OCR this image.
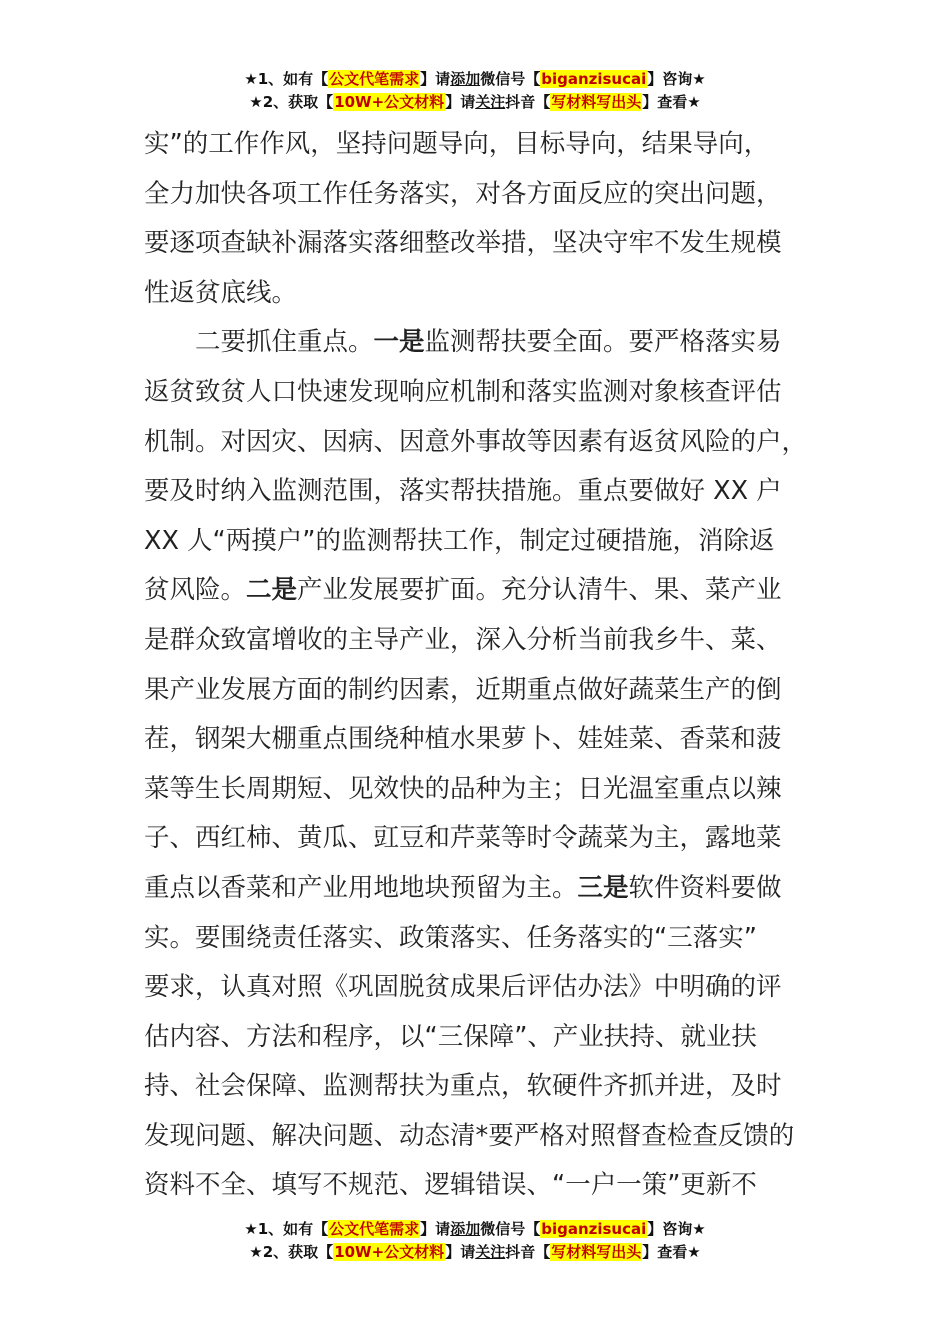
★1、如有【公文代笔需求】请添加微信号【biganzisucai】咨询★
★2、获取【10W+公文材料】请关注抖音【写材料写出头】查看★

实”的工作作风，坚持问题导向，目标导向，结果导向，
全力加快各项工作任务落实，对各方面反应的突出问题，
要逐项查缺补漏落实落细整改举措，坚决守牢不发生规模
性返贫底线。

二要抓住重点。一是监测帮扶要全面。要严格落实易
返贫致贫人口快速发现响应机制和落实监测对象核查评估
机制。对因灾、因病、因意外事故等因素有返贫风险的户，
要及时纳入监测范围，落实帮扶措施。重点要做好 XX 户
XX 人“两摸户”的监测帮扶工作，制定过硬措施，消除返
贫风险。二是产业发展要扩面。充分认清牛、果、菜产业
是群众致富增收的主导产业，深入分析当前我乡牛、菜、
果产业发展方面的制约因素，近期重点做好蔬菜生产的倒
茬，钢架大棚重点围绕种植水果萝卜、娃娃菜、香菜和菠
菜等生长周期短、见效快的品种为主；日光温室重点以辣
子、西红柿、黄瓜、豇豆和芹菜等时令蔬菜为主，露地菜
重点以香菜和产业用地地块预留为主。三是软件资料要做
实。要围绕责任落实、政策落实、任务落实的“三落实”
要求，认真对照《巩固脱贫成果后评估办法》中明确的评
估内容、方法和程序，以“三保障”、产业扶持、就业扶
持、社会保障、监测帮扶为重点，软硬件齐抓并进，及时
发现问题、解决问题、动态清*要严格对照督查检查反馈的
资料不全、填写不规范、逻辑错误、“一户一策”更新不

★1、如有【公文代笔需求】请添加微信号【biganzisucai】咨询★
★2、获取【10W+公文材料】请关注抖音【写材料写出头】查看★
